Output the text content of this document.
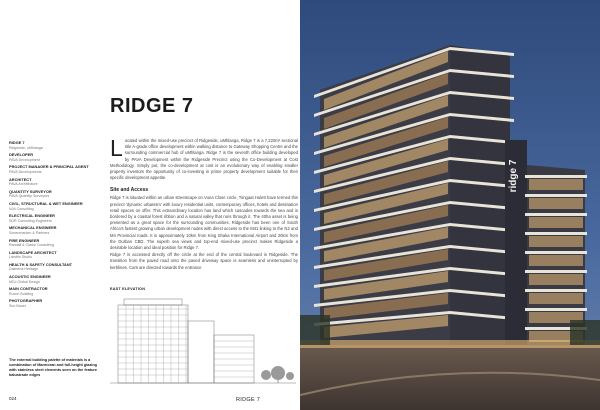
RIDGE 7
RIDGE 7
Ridgeside, uMhlanga
DEVELOPER
PAVA Development
PROJECT MANAGER & PRINCIPAL AGENT
PAVA Developments
ARCHITECT
PAVA Architecture
QUANTITY SURVEYOR
PAVA Quantity Surveyors
CIVIL, STRUCTURAL & WET ENGINEER
NJA Consulting
ELECTRICAL ENGINEER
SDR Consulting Engineers
MECHANICAL ENGINEER
Sonenmarken & Partners
FIRE ENGINEER
Randall & Clarke Consulting
LANDSCAPE ARCHITECT
Landfin Studio
HEALTH & SAFETY CONSULTANT
Dalmena Heritage
ACOUSTIC ENGINEER
MDJ Global Design
MAIN CONTRACTOR
Rucon Building
PHOTOGRAPHER
Sun Bauer
L ocated within the mixed-use precinct of Ridgeside, uMhlanga, Ridge 7 is a 7,220m² sectional title A-grade office development within walking distance to Gateway Shopping Centre and the surrounding commercial hub of uMhlanga. Ridge 7 is the seventh office building developed by PAVA Development within the Ridgeside Precinct using the Co-Development at Cost Methodology. Simply put, the co-development at cost is an evolutionary way of enabling smaller property investors the opportunity of co-investing in prime property development suitable for their specific development appetite.

Site and Access

Ridge 7 is situated within an urban streetscape on Vuna Close circle, Tongaat Hulett have termed this precinct 'dynamic urbanism' with luxury residential units, contemporary offices, hotels and destination retail spaces on offer. This extraordinary location has land which cascades towards the sea and is bordered by a coastal forest ribbon and a natural valley that runs through it. The 40ha asset is being presented as a great space for the surrounding communities. Ridgeside has been one of South Africa's fastest growing urban development nodes with direct access to the M41 linking to the N2 and M4 Provincial roads. It is approximately 10km from King Shaka International Airport and 20km from the Durban CBD. The superb sea views and top-end mixed-use precinct makes Ridgeside a desirable location and ideal position for Ridge 7.

Ridge 7 is accessed directly off the circle at the end of the central boulevard in Ridgeside. The transition from the paved road onto the paved driveway space is seamless and uninterrupted by kerblines. Cars are directed towards the entrance

EAST ELEVATION
The external building palette of materials is a combination of Marmoran and full-height glazing with stainless steel elements seen on the feature balustrade edges
024	RIDGE 7
ridge 7
